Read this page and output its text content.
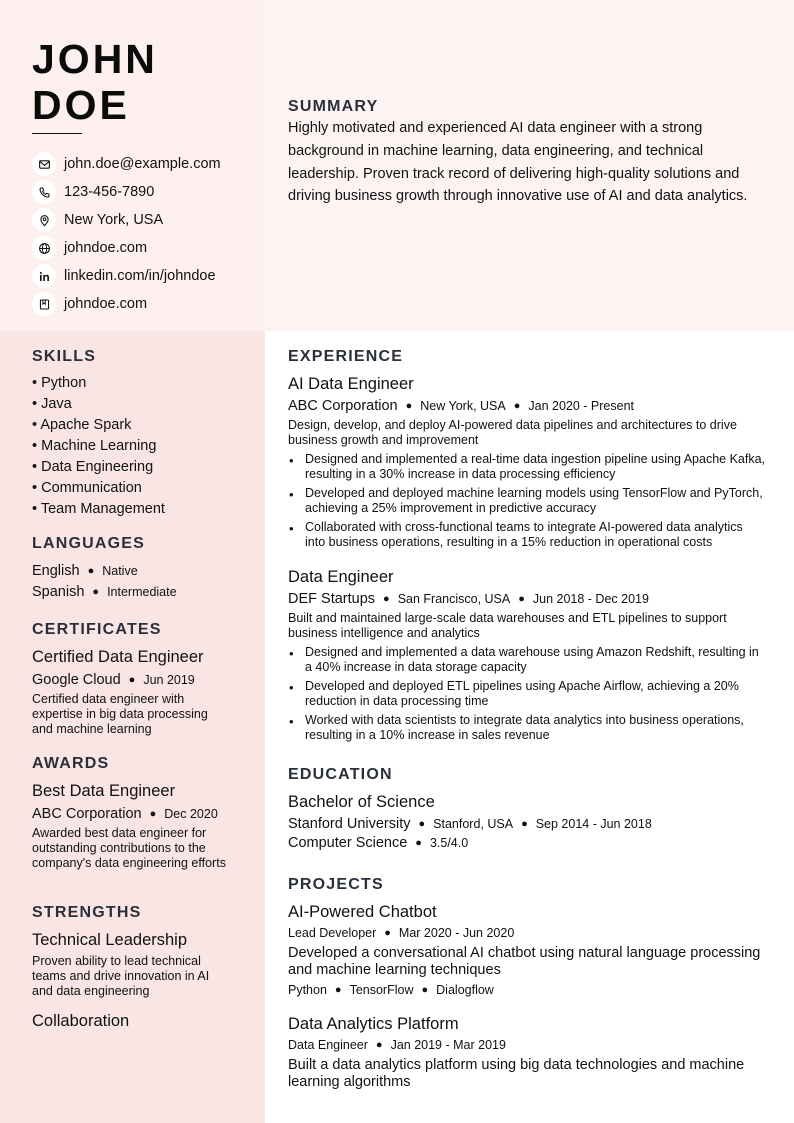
JOHN
DOE
john.doe@example.com
123-456-7890
New York, USA
johndoe.com
linkedin.com/in/johndoe
johndoe.com
SUMMARY
Highly motivated and experienced AI data engineer with a strong background in machine learning, data engineering, and technical leadership. Proven track record of delivering high-quality solutions and driving business growth through innovative use of AI and data analytics.
SKILLS
• Python
• Java
• Apache Spark
• Machine Learning
• Data Engineering
• Communication
• Team Management
LANGUAGES
English ● Native
Spanish ● Intermediate
CERTIFICATES
Certified Data Engineer
Google Cloud ● Jun 2019
Certified data engineer with expertise in big data processing and machine learning
AWARDS
Best Data Engineer
ABC Corporation ● Dec 2020
Awarded best data engineer for outstanding contributions to the company's data engineering efforts
STRENGTHS
Technical Leadership
Proven ability to lead technical teams and drive innovation in AI and data engineering
Collaboration
EXPERIENCE
AI Data Engineer
ABC Corporation ● New York, USA ● Jan 2020 - Present
Design, develop, and deploy AI-powered data pipelines and architectures to drive business growth and improvement
• Designed and implemented a real-time data ingestion pipeline using Apache Kafka, resulting in a 30% increase in data processing efficiency
• Developed and deployed machine learning models using TensorFlow and PyTorch, achieving a 25% improvement in predictive accuracy
• Collaborated with cross-functional teams to integrate AI-powered data analytics into business operations, resulting in a 15% reduction in operational costs
Data Engineer
DEF Startups ● San Francisco, USA ● Jun 2018 - Dec 2019
Built and maintained large-scale data warehouses and ETL pipelines to support business intelligence and analytics
• Designed and implemented a data warehouse using Amazon Redshift, resulting in a 40% increase in data storage capacity
• Developed and deployed ETL pipelines using Apache Airflow, achieving a 20% reduction in data processing time
• Worked with data scientists to integrate data analytics into business operations, resulting in a 10% increase in sales revenue
EDUCATION
Bachelor of Science
Stanford University ● Stanford, USA ● Sep 2014 - Jun 2018
Computer Science ● 3.5/4.0
PROJECTS
AI-Powered Chatbot
Lead Developer ● Mar 2020 - Jun 2020
Developed a conversational AI chatbot using natural language processing and machine learning techniques
Python ● TensorFlow ● Dialogflow
Data Analytics Platform
Data Engineer ● Jan 2019 - Mar 2019
Built a data analytics platform using big data technologies and machine learning algorithms
